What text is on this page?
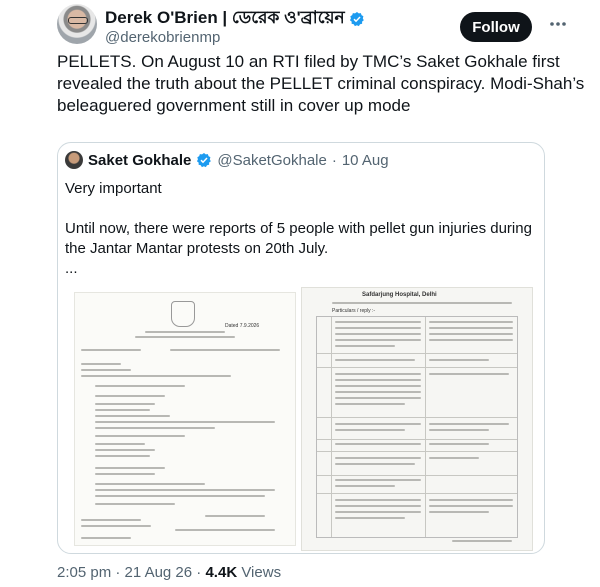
Derek O'Brien | ডেরেক ও'ব্রায়েন
@derekobrienmp
Follow
PELLETS. On August 10 an RTI filed by TMC’s Saket Gokhale first revealed the truth about the PELLET criminal conspiracy. Modi-Shah’s beleaguered government still in cover up mode
Saket Gokhale @SaketGokhale · 10 Aug
Very important
Until now, there were reports of 5 people with pellet gun injuries during the Jantar Mantar protests on 20th July.
...
Dated 7.9.2026
Safdarjung Hospital, Delhi
Particulars / reply :-
2:05 pm · 21 Aug 26 · 4.4K Views
